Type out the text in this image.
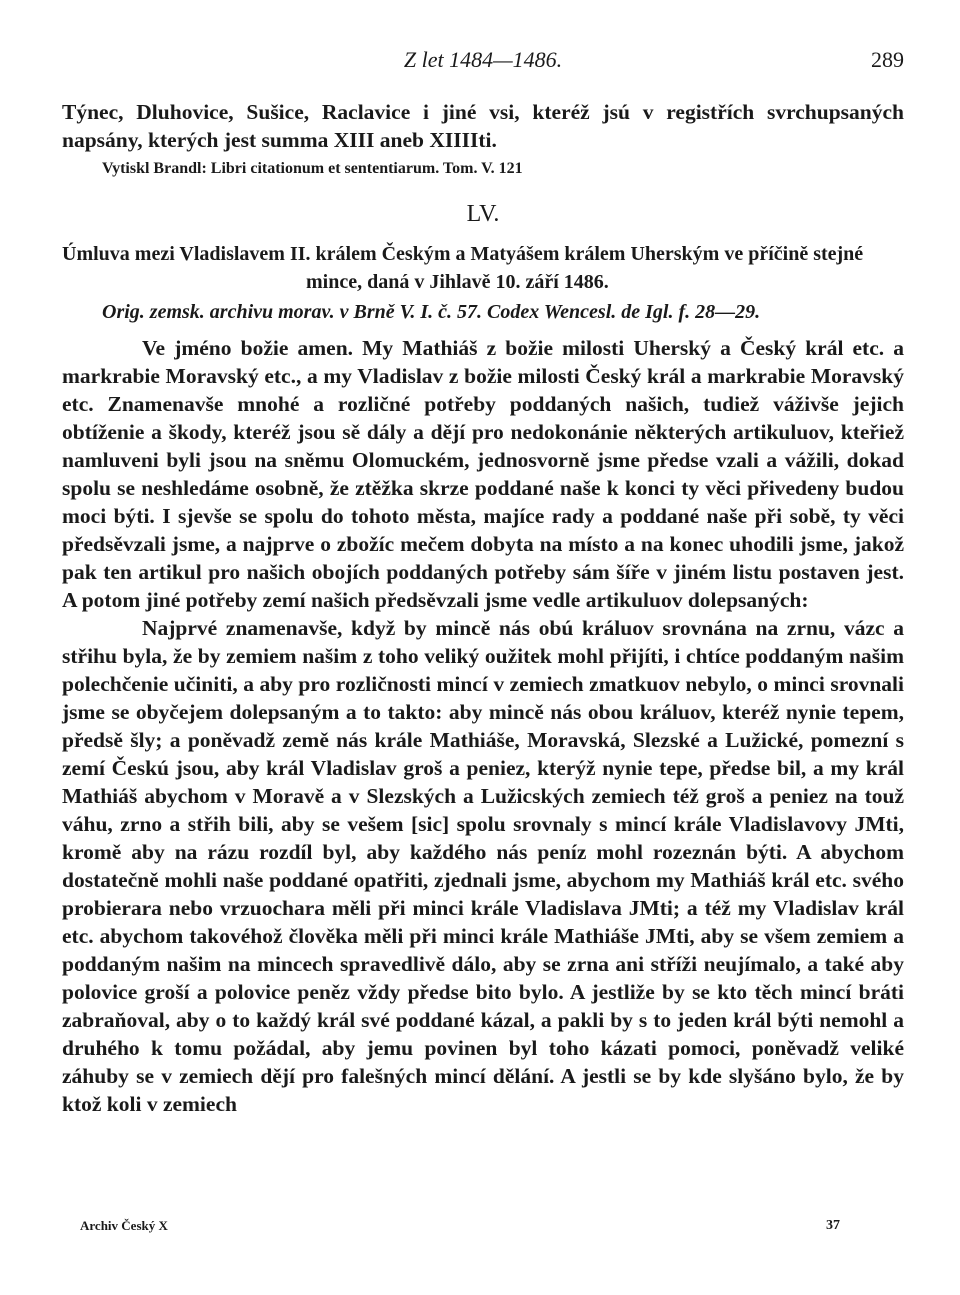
Z let 1484—1486.	289
Týnec, Dluhovice, Sušice, Raclavice i jiné vsi, kteréž jsú v registřích svrchupsaných napsány, kterých jest summa XIII aneb XIIIIti.
Vytiskl Brandl: Libri citationum et sententiarum. Tom. V. 121
LV.
Úmluva mezi Vladislavem II. králem Českým a Matyášem králem Uherským ve příčině stejné
mince, daná v Jihlavě 10. září 1486.
Orig. zemsk. archivu morav. v Brně V. I. č. 57. Codex Wencesl. de Igl. f. 28—29.

Ve jméno božie amen. My Mathiáš z božie milosti Uherský a Český král etc. a markrabie Moravský etc., a my Vladislav z božie milosti Český král a markrabie Moravský etc. Znamenavše mnohé a rozličné potřeby poddaných našich, tudiež váživše jejich obtíženie a škody, kteréž jsou sě dály a dějí pro nedokonánie některých artikuluov, kteřiež namluveni byli jsou na sněmu Olomuckém, jednosvorně jsme předse vzali a vážili, dokad spolu se neshledáme osobně, že ztěžka skrze poddané naše k konci ty věci přivedeny budou moci býti. I sjevše se spolu do tohoto města, majíce rady a poddané naše při sobě, ty věci předsěvzali jsme, a najprve o zbožíc mečem dobyta na místo a na konec uhodili jsme, jakož pak ten artikul pro našich obojích poddaných potřeby sám šíře v jiném listu postaven jest. A potom jiné potřeby zemí našich předsěvzali jsme vedle artikuluov dolepsaných:

Najprvé znamenavše, když by mincě nás obú králuov srovnána na zrnu, vázc a střihu byla, že by zemiem našim z toho veliký oužitek mohl přijíti, i chtíce poddaným našim polechčenie učiniti, a aby pro rozličnosti mincí v zemiech zmatkuov nebylo, o minci srovnali jsme se obyčejem dolepsaným a to takto: aby mincě nás obou králuov, kteréž nynie tepem, předsě šly; a poněvadž země nás krále Mathiáše, Moravská, Slezské a Lužické, pomezní s zemí Českú jsou, aby král Vladislav groš a peniez, kterýž nynie tepe, předse bil, a my král Mathiáš abychom v Moravě a v Slezských a Lužicských zemiech též groš a peniez na touž váhu, zrno a střih bili, aby se vešem [sic] spolu srovnaly s mincí krále Vladislavovy JMti, kromě aby na rázu rozdíl byl, aby každého nás peníz mohl rozeznán býti. A abychom dostatečně mohli naše poddané opatřiti, zjednali jsme, abychom my Mathiáš král etc. svého probierara nebo vrzuochara měli při minci krále Vladislava JMti; a též my Vladislav král etc. abychom takovéhož člověka měli při minci krále Mathiáše JMti, aby se všem zemiem a poddaným našim na mincech spravedlivě dálo, aby se zrna ani stříži neujímalo, a také aby polovice groší a polovice peněz vždy předse bito bylo. A jestliže by se kto těch mincí bráti zabraňoval, aby o to každý král své poddané kázal, a pakli by s to jeden král býti nemohl a druhého k tomu požádal, aby jemu povinen byl toho kázati pomoci, poněvadž veliké záhuby se v zemiech dějí pro falešných mincí dělání. A jestli se by kde slyšáno bylo, že by ktož koli v zemiech

Archiv Český X	37
